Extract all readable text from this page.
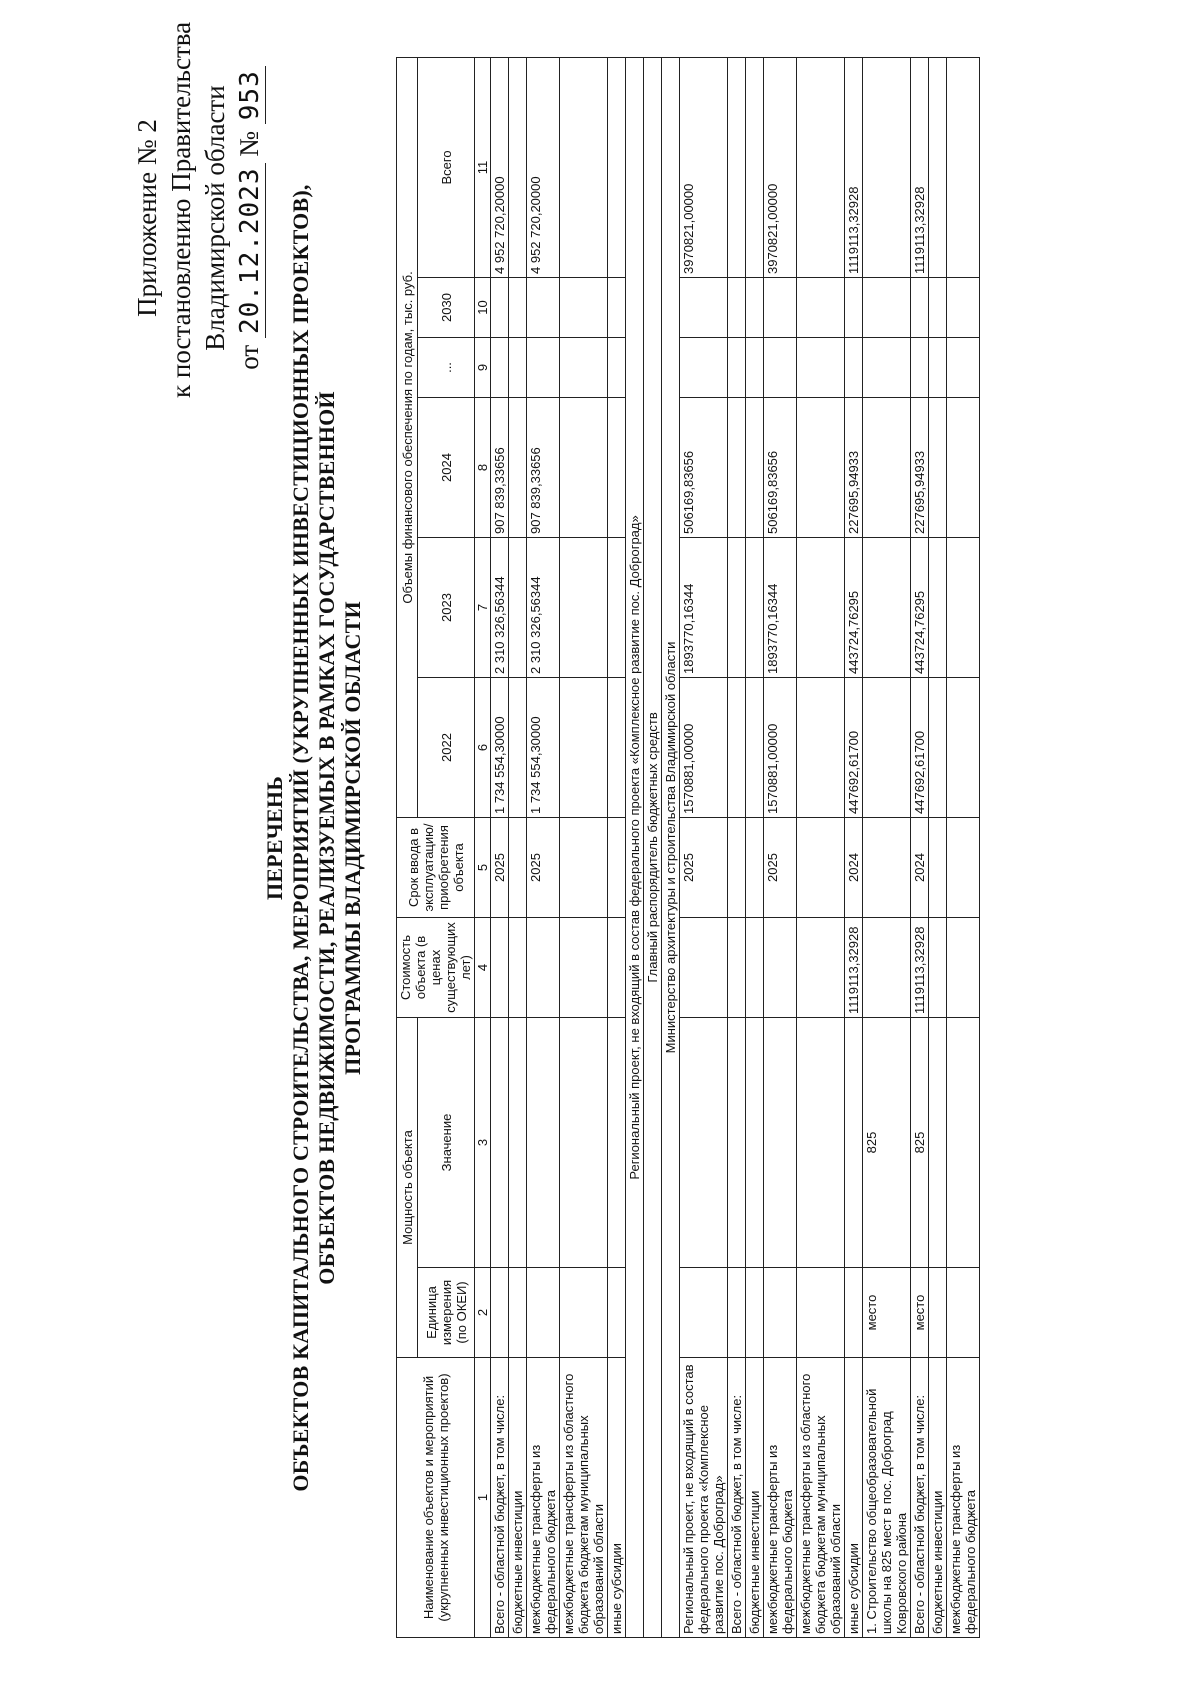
Приложение № 2 к постановлению Правительства Владимирской области
от 20.12.2023 № 953
ПЕРЕЧЕНЬ ОБЪЕКТОВ КАПИТАЛЬНОГО СТРОИТЕЛЬСТВА, МЕРОПРИЯТИЙ (УКРУПНЕННЫХ ИНВЕСТИЦИОННЫХ ПРОЕКТОВ), ОБЪЕКТОВ НЕДВИЖИМОСТИ, РЕАЛИЗУЕМЫХ В РАМКАХ ГОСУДАРСТВЕННОЙ ПРОГРАММЫ ВЛАДИМИРСКОЙ ОБЛАСТИ
Наименование объектов и мероприятий (укрупненных инвестиционных проектов)	Мощность объекта		Стоимость объекта (в ценах существующих лет)	Срок ввода в эксплуатацию/приобретения объекта	Объемы финансового обеспечения по годам, тыс. руб.					
	Единица измерения (по ОКЕИ)	Значение			2022	2023	2024	...	2030	Всего
1	2	3	4	5	6	7	8	9	10	11
Всего - областной бюджет, в том числе:				2025	1 734 554,30000	2 310 326,56344	907 839,33656			4 952 720,20000
бюджетные инвестиции										
межбюджетные трансферты из федерального бюджета				2025	1 734 554,30000	2 310 326,56344	907 839,33656			4 952 720,20000
межбюджетные трансферты из областного бюджета бюджетам муниципальных образований области										
иные субсидии										
Региональный проект, не входящий в состав федерального проекта «Комплексное развитие пос. Доброград»										
Главный распорядитель бюджетных средств										
Министерство архитектуры и строительства Владимирской области										
Региональный проект, не входящий в состав федерального проекта «Комплексное развитие пос. Доброград»				2025	1570881,00000	1893770,16344	506169,83656			3970821,00000
Всего - областной бюджет, в том числе:										
бюджетные инвестиции										
межбюджетные трансферты из федерального бюджета				2025	1570881,00000	1893770,16344	506169,83656			3970821,00000
межбюджетные трансферты из областного бюджета бюджетам муниципальных образований области										
иные субсидии			1119113,32928	2024	447692,61700	443724,76295	227695,94933			1119113,32928
1. Строительство общеобразовательной школы на 825 мест в пос. Доброград Ковровского района	место	825								
Всего - областной бюджет, в том числе:	место	825	1119113,32928	2024	447692,61700	443724,76295	227695,94933			1119113,32928
бюджетные инвестиции										
межбюджетные трансферты из федерального бюджета										
